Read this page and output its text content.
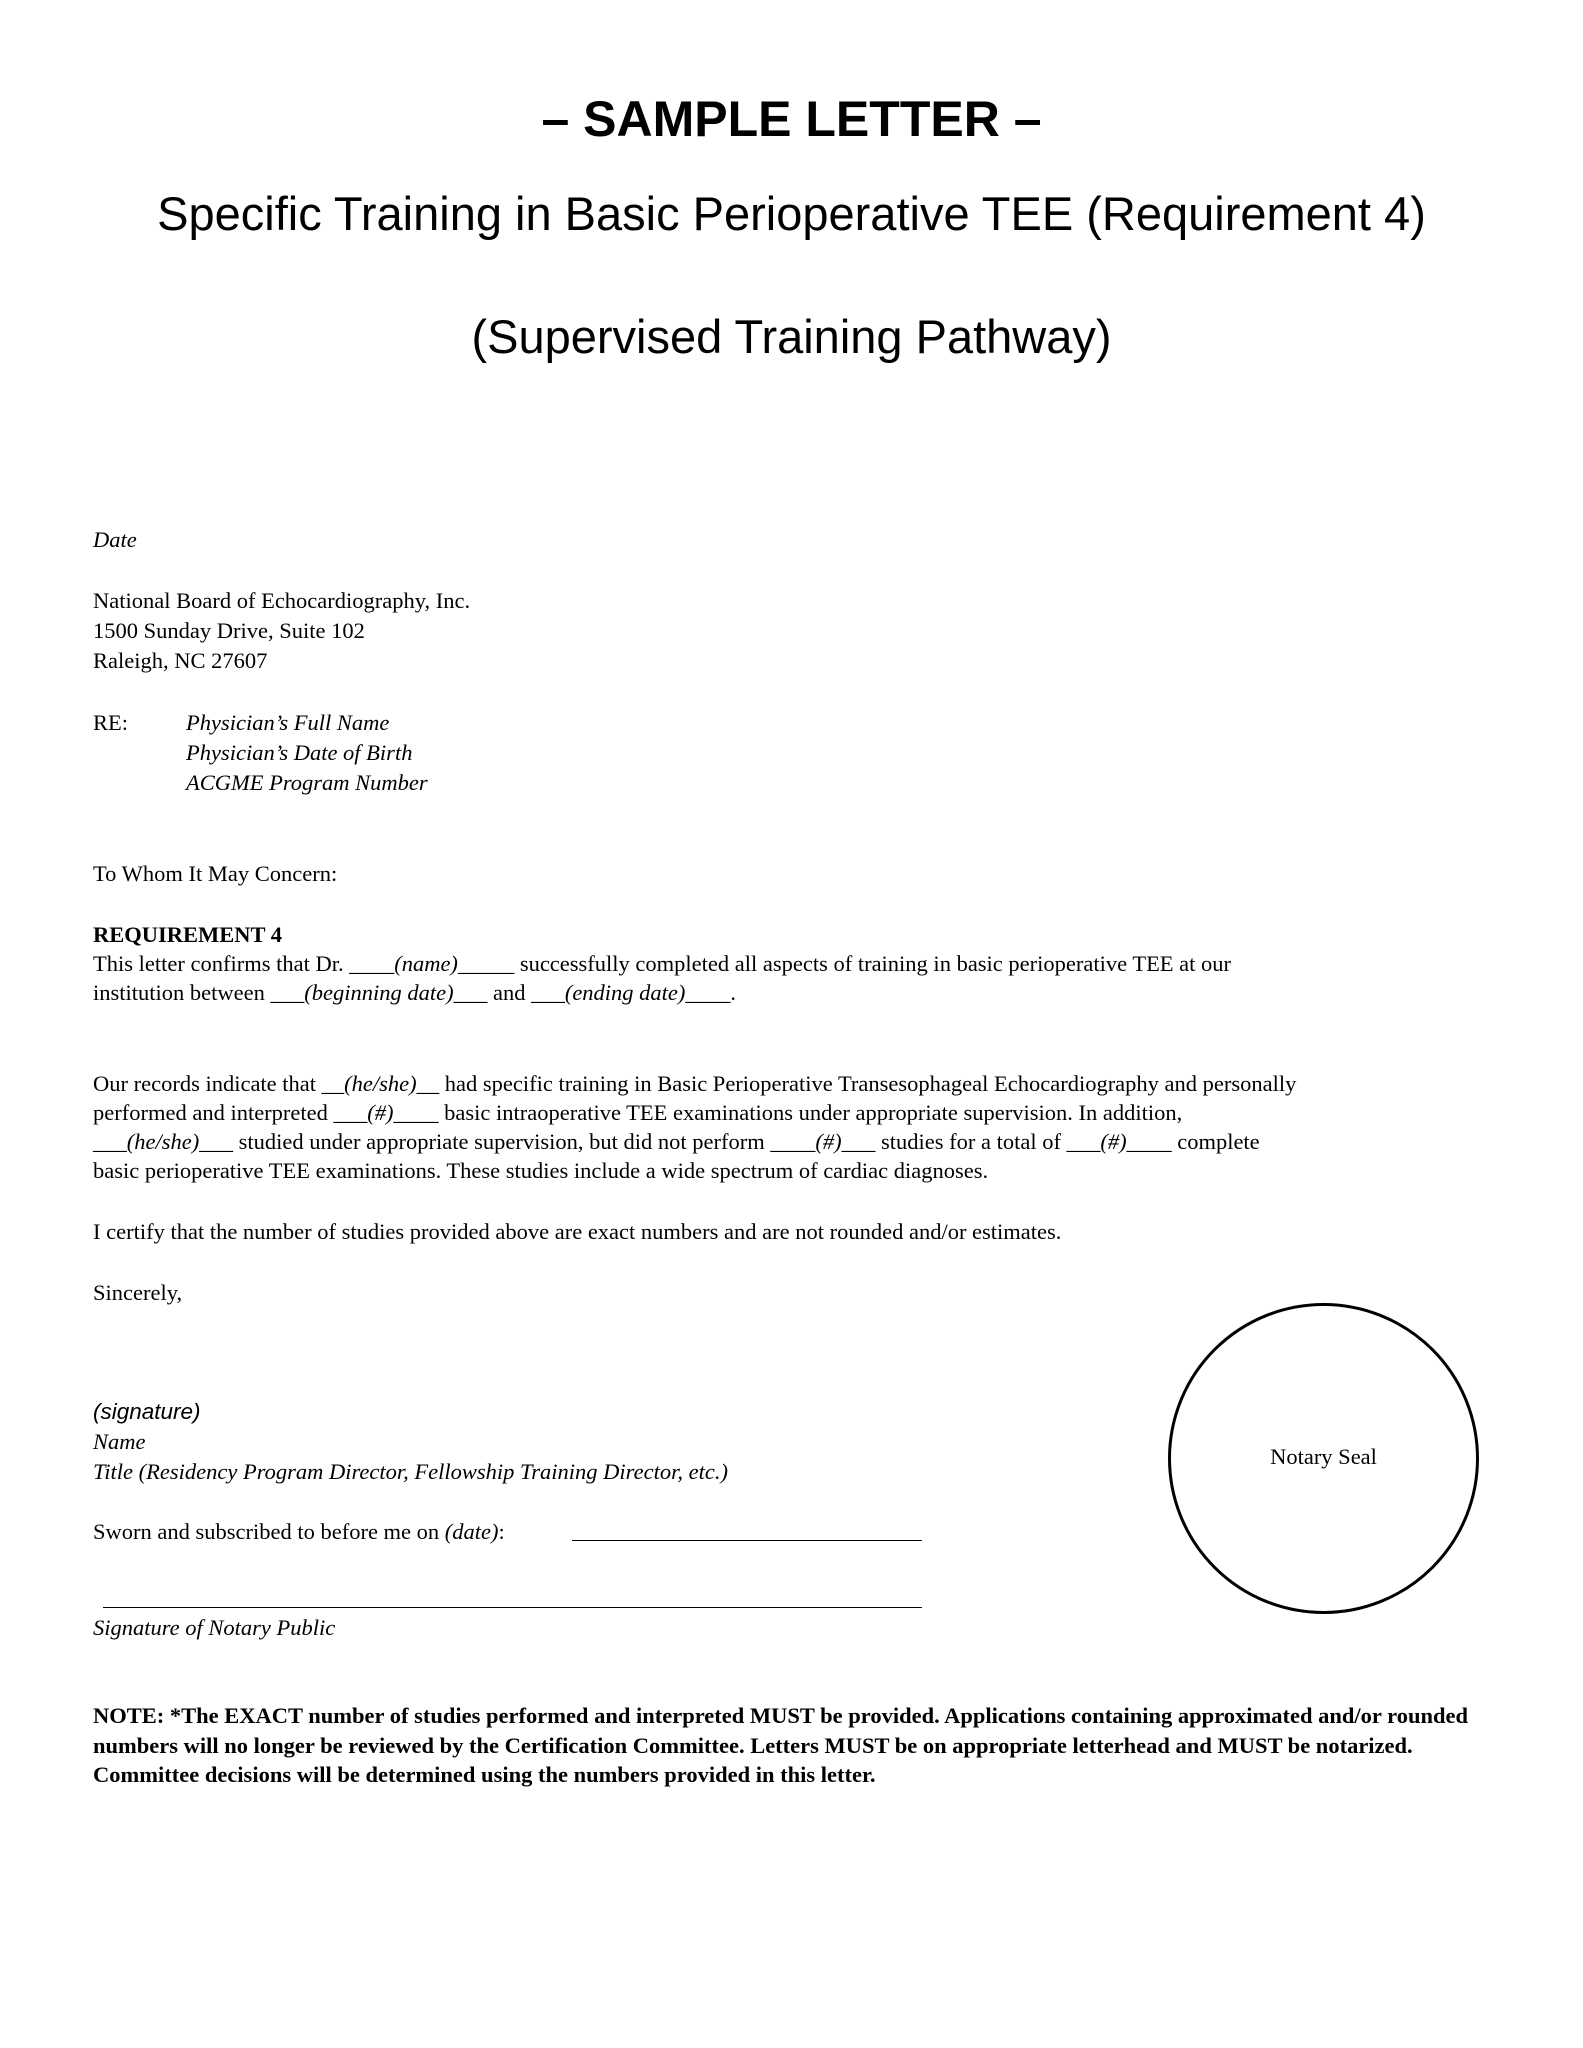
– SAMPLE LETTER –
Specific Training in Basic Perioperative TEE (Requirement 4)
(Supervised Training Pathway)
Date
National Board of Echocardiography, Inc.
1500 Sunday Drive, Suite 102
Raleigh, NC 27607
RE:	Physician’s Full Name
Physician’s Date of Birth
ACGME Program Number
To Whom It May Concern:
REQUIREMENT 4
This letter confirms that Dr. ____(name)_____ successfully completed all aspects of training in basic perioperative TEE at our
institution between ___(beginning date)___ and ___(ending date)____.
Our records indicate that __(he/she)__ had specific training in Basic Perioperative Transesophageal Echocardiography and personally
performed and interpreted ___(#)____ basic intraoperative TEE examinations under appropriate supervision. In addition,
___(he/she)___ studied under appropriate supervision, but did not perform ____(#)___ studies for a total of ___(#)____ complete
basic perioperative TEE examinations. These studies include a wide spectrum of cardiac diagnoses.
I certify that the number of studies provided above are exact numbers and are not rounded and/or estimates.
Sincerely,
(signature)
Name
Title (Residency Program Director, Fellowship Training Director, etc.)
Sworn and subscribed to before me on (date):
Signature of Notary Public
Notary Seal
NOTE: *The EXACT number of studies performed and interpreted MUST be provided. Applications containing approximated and/or rounded numbers will no longer be reviewed by the Certification Committee. Letters MUST be on appropriate letterhead and MUST be notarized. Committee decisions will be determined using the numbers provided in this letter.
